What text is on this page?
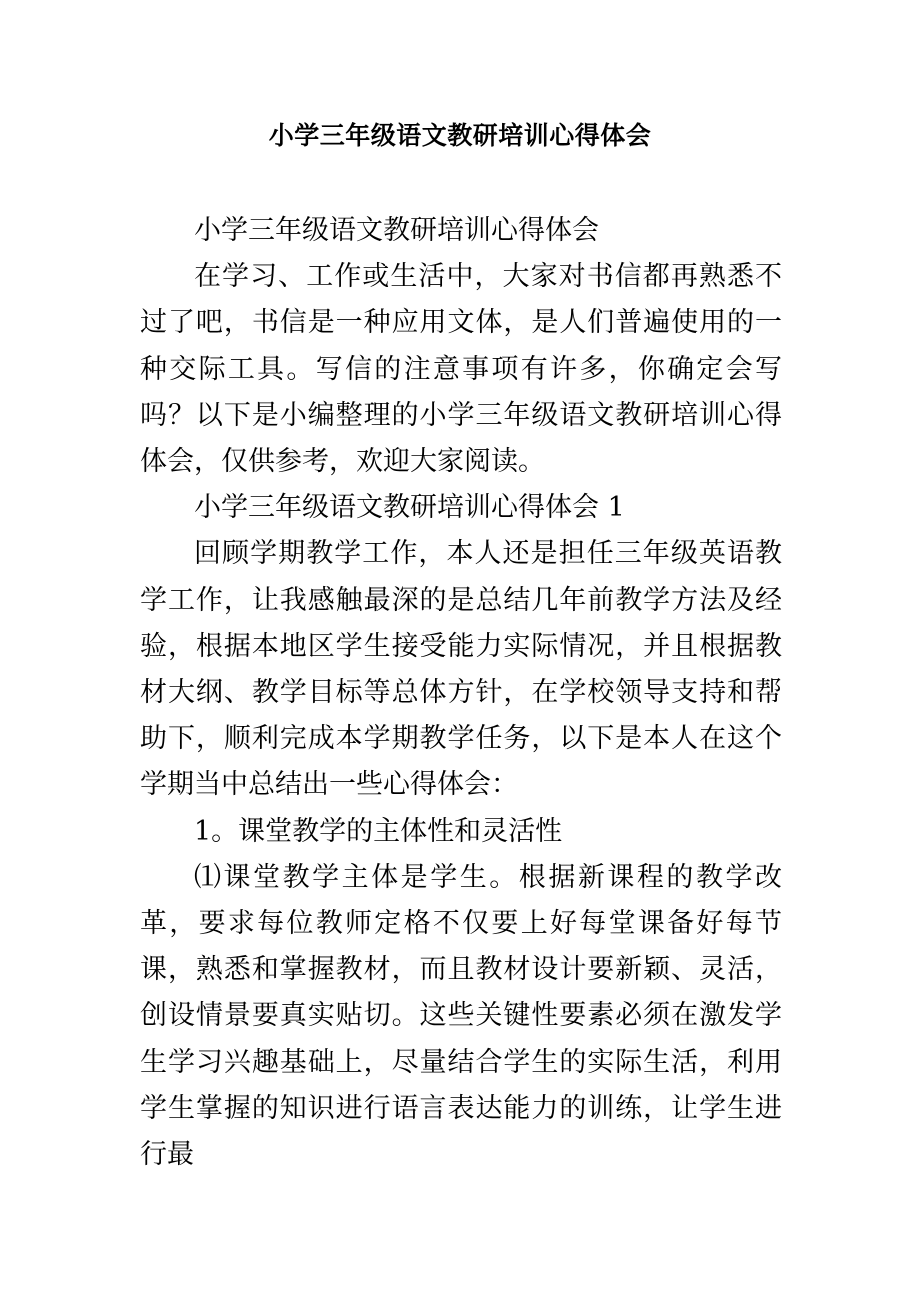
小学三年级语文教研培训心得体会

小学三年级语文教研培训心得体会

在学习、工作或生活中，大家对书信都再熟悉不过了吧，书信是一种应用文体，是人们普遍使用的一种交际工具。写信的注意事项有许多，你确定会写吗？以下是小编整理的小学三年级语文教研培训心得体会，仅供参考，欢迎大家阅读。

小学三年级语文教研培训心得体会 1

回顾学期教学工作，本人还是担任三年级英语教学工作，让我感触最深的是总结几年前教学方法及经验，根据本地区学生接受能力实际情况，并且根据教材大纲、教学目标等总体方针，在学校领导支持和帮助下，顺利完成本学期教学任务，以下是本人在这个学期当中总结出一些心得体会：

1。课堂教学的主体性和灵活性

⑴课堂教学主体是学生。根据新课程的教学改革，要求每位教师定格不仅要上好每堂课备好每节课，熟悉和掌握教材，而且教材设计要新颖、灵活，创设情景要真实贴切。这些关键性要素必须在激发学生学习兴趣基础上，尽量结合学生的实际生活，利用学生掌握的知识进行语言表达能力的训练，让学生进行最
